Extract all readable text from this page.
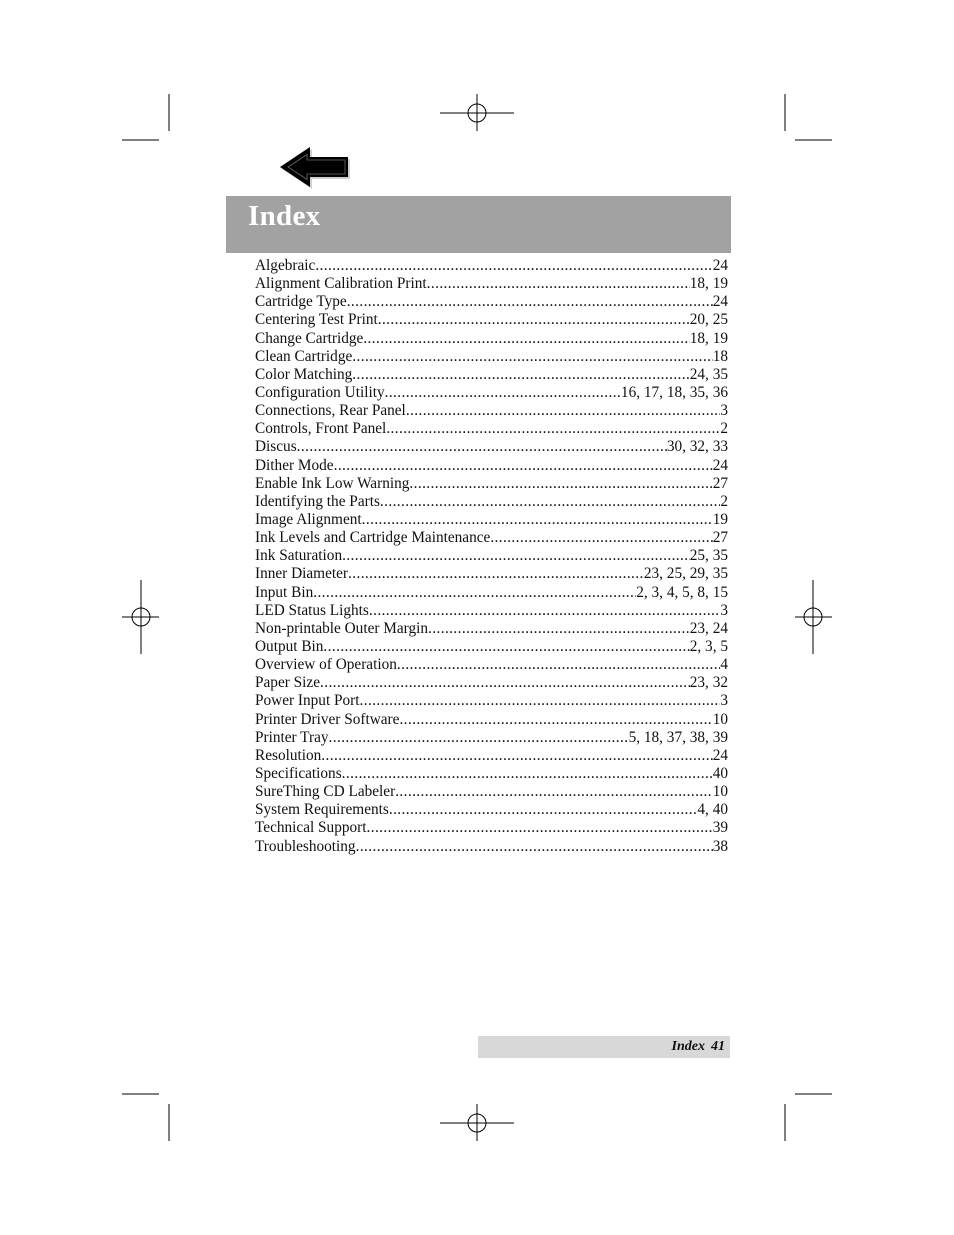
Index
Algebraic .....	24
Alignment Calibration Print .....	18, 19
Cartridge Type .....	24
Centering Test Print .....	20, 25
Change Cartridge .....	18, 19
Clean Cartridge .....	18
Color Matching .....	24, 35
Configuration Utility .....	16, 17, 18, 35, 36
Connections, Rear Panel .....	3
Controls, Front Panel .....	2
Discus .....	30, 32, 33
Dither Mode .....	24
Enable Ink Low Warning .....	27
Identifying the Parts .....	2
Image Alignment .....	19
Ink Levels and Cartridge Maintenance .....	27
Ink Saturation .....	25, 35
Inner Diameter .....	23, 25, 29, 35
Input Bin .....	2, 3, 4, 5, 8, 15
LED Status Lights .....	3
Non-printable Outer Margin .....	23, 24
Output Bin .....	2, 3, 5
Overview of Operation .....	4
Paper Size .....	23, 32
Power Input Port .....	3
Printer Driver Software .....	10
Printer Tray .....	5, 18, 37, 38, 39
Resolution .....	24
Specifications .....	40
SureThing CD Labeler .....	10
System Requirements .....	4, 40
Technical Support .....	39
Troubleshooting .....	38
Index 41
